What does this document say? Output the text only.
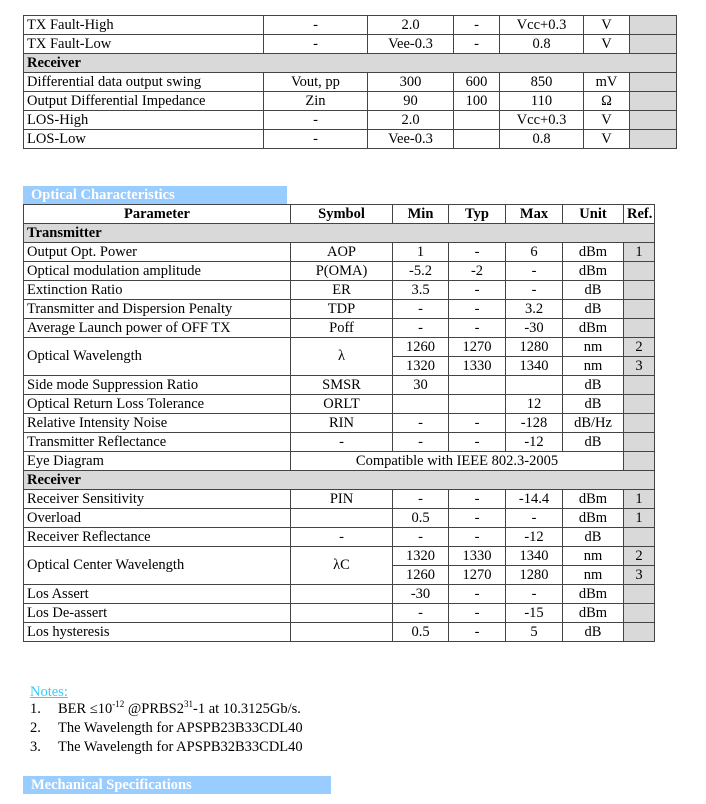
TX Fault-High	-	2.0	-	Vcc+0.3	V	
TX Fault-Low	-	Vee-0.3	-	0.8	V	
Receiver						
Differential data output swing	Vout, pp	300	600	850	mV	
Output Differential Impedance	Zin	90	100	110	Ω	
LOS-High	-	2.0		Vcc+0.3	V	
LOS-Low	-	Vee-0.3		0.8	V	
Optical Characteristics
Parameter	Symbol	Min	Typ	Max	Unit	Ref.
Transmitter						
Output Opt. Power	AOP	1	-	6	dBm	1
Optical modulation amplitude	P(OMA)	-5.2	-2	-	dBm	
Extinction Ratio	ER	3.5	-	-	dB	
Transmitter and Dispersion Penalty	TDP	-	-	3.2	dB	
Average Launch power of OFF TX	Poff	-	-	-30	dBm	
Optical Wavelength	λ	1260	1270	1280	nm	2
		1320	1330	1340	nm	3
Side mode Suppression Ratio	SMSR	30			dB	
Optical Return Loss Tolerance	ORLT			12	dB	
Relative Intensity Noise	RIN	-	-	-128	dB/Hz	
Transmitter Reflectance	-	-	-	-12	dB	
Eye Diagram	Compatible with IEEE 802.3-2005					
Receiver						
Receiver Sensitivity	PIN	-	-	-14.4	dBm	1
Overload		0.5	-	-	dBm	1
Receiver Reflectance	-	-	-	-12	dB	
Optical Center Wavelength	λC	1320	1330	1340	nm	2
		1260	1270	1280	nm	3
Los Assert		-30	-	-	dBm	
Los De-assert		-	-	-15	dBm	
Los hysteresis		0.5	-	5	dB	
Notes:
1. BER $\le 10^{-12}$ $@PRBS2^{31}-1$ at 10.3125Gb/s.
2. The Wavelength for APSPB23B33CDL40
3. The Wavelength for APSPB32B33CDL40
Mechanical Specifications
